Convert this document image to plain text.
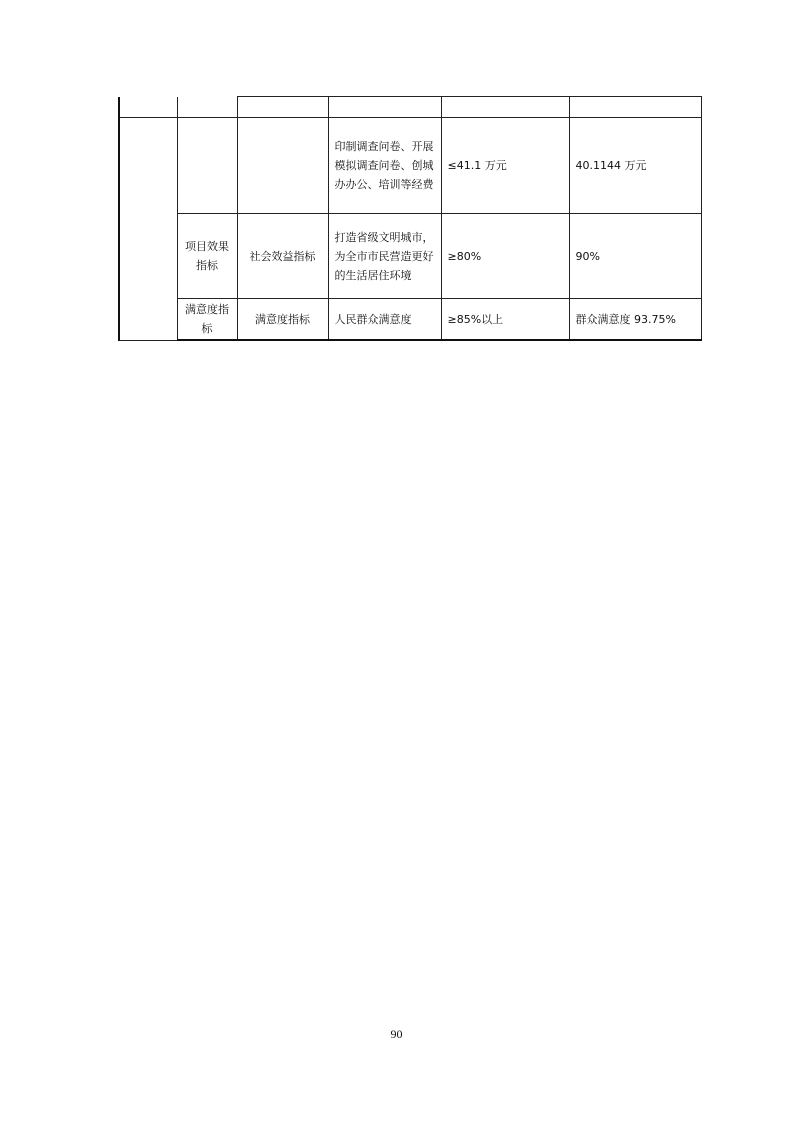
			印制调查问卷、开展模拟调查问卷、创城办办公、培训等经费	≤41.1 万元	40.1144 万元
	项目效果指标	社会效益指标	打造省级文明城市，为全市市民营造更好的生活居住环境	≥80%	90%
	满意度指标	满意度指标	人民群众满意度	≥85%以上	群众满意度 93.75%
90
